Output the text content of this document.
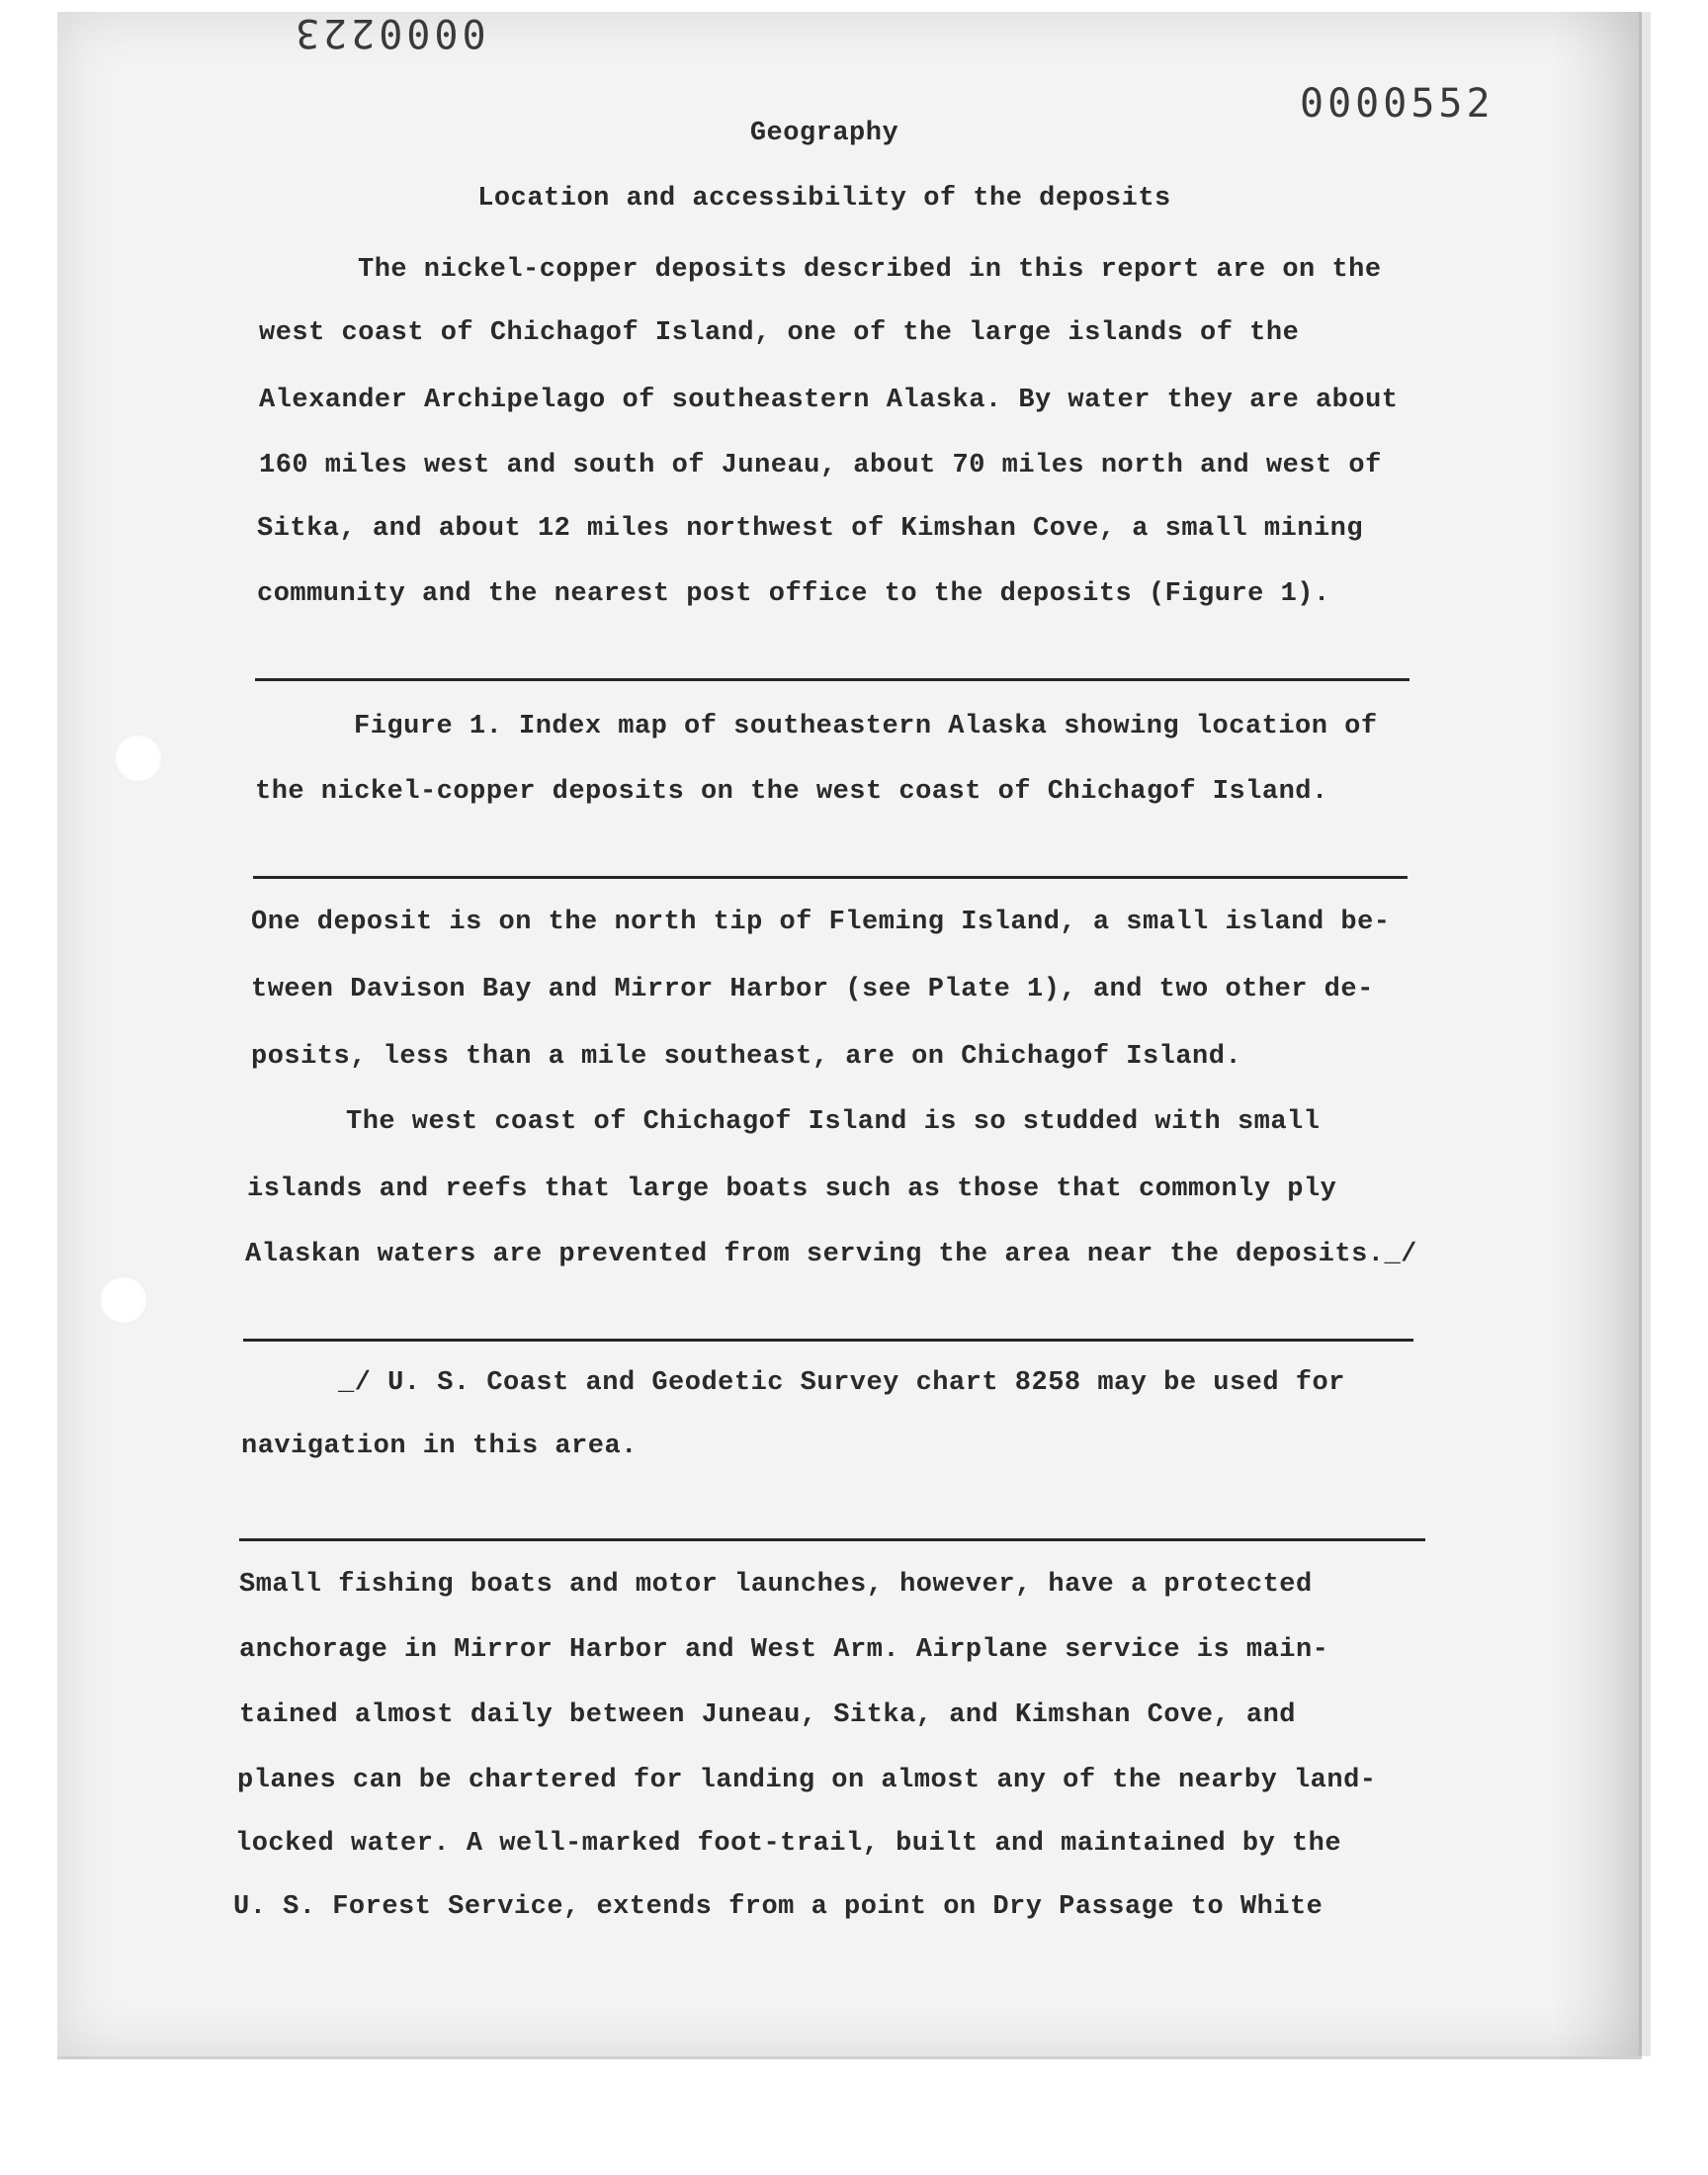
0000223
0000552
Geography
Location and accessibility of the deposits
The nickel-copper deposits described in this report are on the
west coast of Chichagof Island, one of the large islands of the
Alexander Archipelago of southeastern Alaska. By water they are about
160 miles west and south of Juneau, about 70 miles north and west of
Sitka, and about 12 miles northwest of Kimshan Cove, a small mining
community and the nearest post office to the deposits (Figure 1).
Figure 1. Index map of southeastern Alaska showing location of
the nickel-copper deposits on the west coast of Chichagof Island.
One deposit is on the north tip of Fleming Island, a small island be-
tween Davison Bay and Mirror Harbor (see Plate 1), and two other de-
posits, less than a mile southeast, are on Chichagof Island.
The west coast of Chichagof Island is so studded with small
islands and reefs that large boats such as those that commonly ply
Alaskan waters are prevented from serving the area near the deposits._/
_/ U. S. Coast and Geodetic Survey chart 8258 may be used for
navigation in this area.
Small fishing boats and motor launches, however, have a protected
anchorage in Mirror Harbor and West Arm. Airplane service is main-
tained almost daily between Juneau, Sitka, and Kimshan Cove, and
planes can be chartered for landing on almost any of the nearby land-
locked water. A well-marked foot-trail, built and maintained by the
U. S. Forest Service, extends from a point on Dry Passage to White
